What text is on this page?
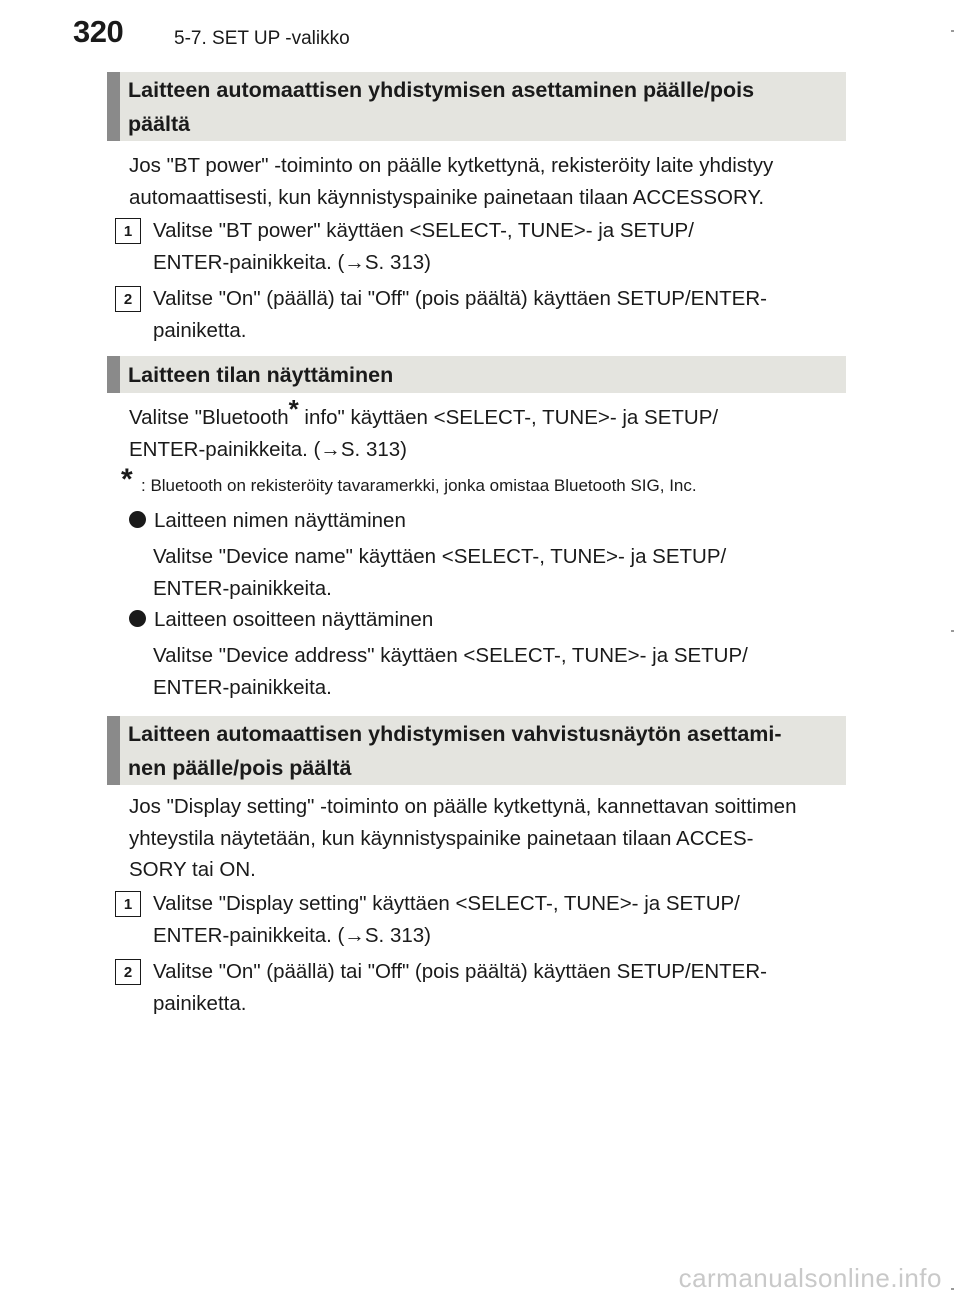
320	5-7. SET UP -valikko
Laitteen automaattisen yhdistymisen asettaminen päälle/pois
päältä
Jos "BT power" -toiminto on päälle kytkettynä, rekisteröity laite yhdistyy
automaattisesti, kun käynnistyspainike painetaan tilaan ACCESSORY.
1	Valitse "BT power" käyttäen <SELECT-, TUNE>- ja SETUP/
ENTER-painikkeita. (→S. 313)
2	Valitse "On" (päällä) tai "Off" (pois päältä) käyttäen SETUP/ENTER-
painiketta.
Laitteen tilan näyttäminen
Valitse "Bluetooth* info" käyttäen <SELECT-, TUNE>- ja SETUP/
ENTER-painikkeita. (→S. 313)
* : Bluetooth on rekisteröity tavaramerkki, jonka omistaa Bluetooth SIG, Inc.
Laitteen nimen näyttäminen
Valitse "Device name" käyttäen <SELECT-, TUNE>- ja SETUP/
ENTER-painikkeita.
Laitteen osoitteen näyttäminen
Valitse "Device address" käyttäen <SELECT-, TUNE>- ja SETUP/
ENTER-painikkeita.
Laitteen automaattisen yhdistymisen vahvistusnäytön asettami-
nen päälle/pois päältä
Jos "Display setting" -toiminto on päälle kytkettynä, kannettavan soittimen
yhteystila näytetään, kun käynnistyspainike painetaan tilaan ACCES-
SORY tai ON.
1	Valitse "Display setting" käyttäen <SELECT-, TUNE>- ja SETUP/
ENTER-painikkeita. (→S. 313)
2	Valitse "On" (päällä) tai "Off" (pois päältä) käyttäen SETUP/ENTER-
painiketta.
carmanualsonline.info
